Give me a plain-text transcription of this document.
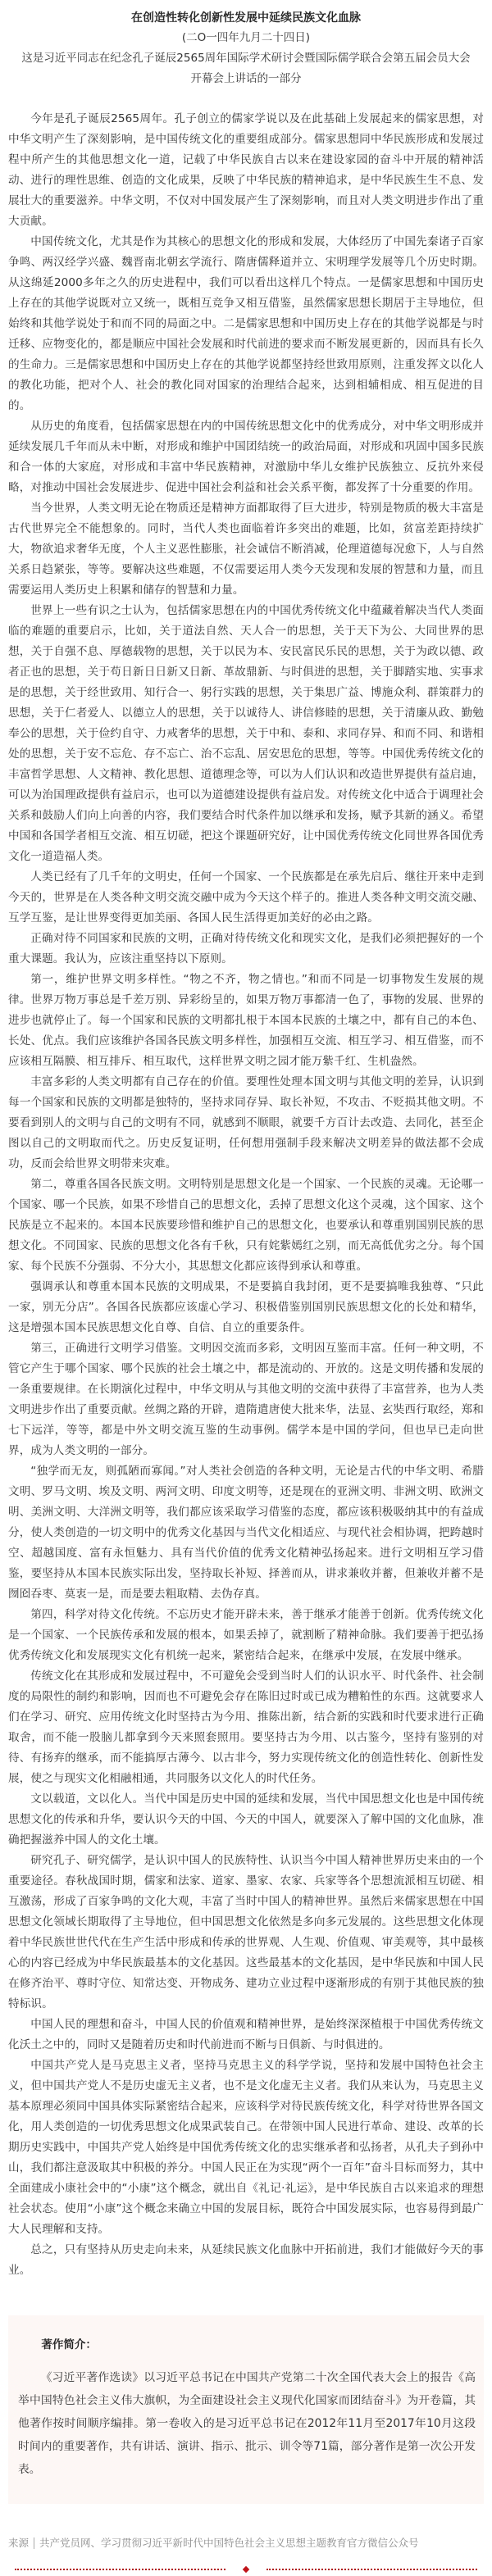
在创造性转化创新性发展中延续民族文化血脉

(二O一四年九月二十四日)

这是习近平同志在纪念孔子诞辰2565周年国际学术研讨会暨国际儒学联合会第五届会员大会

开幕会上讲话的一部分

今年是孔子诞辰2565周年。孔子创立的儒家学说以及在此基础上发展起来的儒家思想，对中华文明产生了深刻影响，是中国传统文化的重要组成部分。儒家思想同中华民族形成和发展过程中所产生的其他思想文化一道，记载了中华民族自古以来在建设家园的奋斗中开展的精神活动、进行的理性思维、创造的文化成果，反映了中华民族的精神追求，是中华民族生生不息、发展壮大的重要滋养。中华文明，不仅对中国发展产生了深刻影响，而且对人类文明进步作出了重大贡献。

中国传统文化，尤其是作为其核心的思想文化的形成和发展，大体经历了中国先秦诸子百家争鸣、两汉经学兴盛、魏晋南北朝玄学流行、隋唐儒释道并立、宋明理学发展等几个历史时期。从这绵延2000多年之久的历史进程中，我们可以看出这样几个特点。一是儒家思想和中国历史上存在的其他学说既对立又统一，既相互竞争又相互借鉴，虽然儒家思想长期居于主导地位，但始终和其他学说处于和而不同的局面之中。二是儒家思想和中国历史上存在的其他学说都是与时迁移、应物变化的，都是顺应中国社会发展和时代前进的要求而不断发展更新的，因而具有长久的生命力。三是儒家思想和中国历史上存在的其他学说都坚持经世致用原则，注重发挥文以化人的教化功能，把对个人、社会的教化同对国家的治理结合起来，达到相辅相成、相互促进的目的。

从历史的角度看，包括儒家思想在内的中国传统思想文化中的优秀成分，对中华文明形成并延续发展几千年而从未中断，对形成和维护中国团结统一的政治局面，对形成和巩固中国多民族和合一体的大家庭，对形成和丰富中华民族精神，对激励中华儿女维护民族独立、反抗外来侵略，对推动中国社会发展进步、促进中国社会利益和社会关系平衡，都发挥了十分重要的作用。

当今世界，人类文明无论在物质还是精神方面都取得了巨大进步，特别是物质的极大丰富是古代世界完全不能想象的。同时，当代人类也面临着许多突出的难题，比如，贫富差距持续扩大，物欲追求奢华无度，个人主义恶性膨胀，社会诚信不断消减，伦理道德每况愈下，人与自然关系日趋紧张，等等。要解决这些难题，不仅需要运用人类今天发现和发展的智慧和力量，而且需要运用人类历史上积累和储存的智慧和力量。

世界上一些有识之士认为，包括儒家思想在内的中国优秀传统文化中蕴藏着解决当代人类面临的难题的重要启示，比如，关于道法自然、天人合一的思想，关于天下为公、大同世界的思想，关于自强不息、厚德载物的思想，关于以民为本、安民富民乐民的思想，关于为政以德、政者正也的思想，关于苟日新日日新又日新、革故鼎新、与时俱进的思想，关于脚踏实地、实事求是的思想，关于经世致用、知行合一、躬行实践的思想，关于集思广益、博施众利、群策群力的思想，关于仁者爱人、以德立人的思想，关于以诚待人、讲信修睦的思想，关于清廉从政、勤勉奉公的思想，关于俭约自守、力戒奢华的思想，关于中和、泰和、求同存异、和而不同、和谐相处的思想，关于安不忘危、存不忘亡、治不忘乱、居安思危的思想，等等。中国优秀传统文化的丰富哲学思想、人文精神、教化思想、道德理念等，可以为人们认识和改造世界提供有益启迪，可以为治国理政提供有益启示，也可以为道德建设提供有益启发。对传统文化中适合于调理社会关系和鼓励人们向上向善的内容，我们要结合时代条件加以继承和发扬，赋予其新的涵义。希望中国和各国学者相互交流、相互切磋，把这个课题研究好，让中国优秀传统文化同世界各国优秀文化一道造福人类。

人类已经有了几千年的文明史，任何一个国家、一个民族都是在承先启后、继往开来中走到今天的，世界是在人类各种文明交流交融中成为今天这个样子的。推进人类各种文明交流交融、互学互鉴，是让世界变得更加美丽、各国人民生活得更加美好的必由之路。

正确对待不同国家和民族的文明，正确对待传统文化和现实文化，是我们必须把握好的一个重大课题。我认为，应该注重坚持以下原则。

第一，维护世界文明多样性。“物之不齐，物之情也。”和而不同是一切事物发生发展的规律。世界万物万事总是千差万别、异彩纷呈的，如果万物万事都清一色了，事物的发展、世界的进步也就停止了。每一个国家和民族的文明都扎根于本国本民族的土壤之中，都有自己的本色、长处、优点。我们应该维护各国各民族文明多样性，加强相互交流、相互学习、相互借鉴，而不应该相互隔膜、相互排斥、相互取代，这样世界文明之园才能万紫千红、生机盎然。

丰富多彩的人类文明都有自己存在的价值。要理性处理本国文明与其他文明的差异，认识到每一个国家和民族的文明都是独特的，坚持求同存异、取长补短，不攻击、不贬损其他文明。不要看到别人的文明与自己的文明有不同，就感到不顺眼，就要千方百计去改造、去同化，甚至企图以自己的文明取而代之。历史反复证明，任何想用强制手段来解决文明差异的做法都不会成功，反而会给世界文明带来灾难。

第二，尊重各国各民族文明。文明特别是思想文化是一个国家、一个民族的灵魂。无论哪一个国家、哪一个民族，如果不珍惜自己的思想文化，丢掉了思想文化这个灵魂，这个国家、这个民族是立不起来的。本国本民族要珍惜和维护自己的思想文化，也要承认和尊重别国别民族的思想文化。不同国家、民族的思想文化各有千秋，只有姹紫嫣红之别，而无高低优劣之分。每个国家、每个民族不分强弱、不分大小，其思想文化都应该得到承认和尊重。

强调承认和尊重本国本民族的文明成果，不是要搞自我封闭，更不是要搞唯我独尊、“只此一家，别无分店”。各国各民族都应该虚心学习、积极借鉴别国别民族思想文化的长处和精华，这是增强本国本民族思想文化自尊、自信、自立的重要条件。

第三，正确进行文明学习借鉴。文明因交流而多彩，文明因互鉴而丰富。任何一种文明，不管它产生于哪个国家、哪个民族的社会土壤之中，都是流动的、开放的。这是文明传播和发展的一条重要规律。在长期演化过程中，中华文明从与其他文明的交流中获得了丰富营养，也为人类文明进步作出了重要贡献。丝绸之路的开辟，遣隋遣唐使大批来华，法显、玄奘西行取经，郑和七下远洋，等等，都是中外文明交流互鉴的生动事例。儒学本是中国的学问，但也早已走向世界，成为人类文明的一部分。

“独学而无友，则孤陋而寡闻。”对人类社会创造的各种文明，无论是古代的中华文明、希腊文明、罗马文明、埃及文明、两河文明、印度文明等，还是现在的亚洲文明、非洲文明、欧洲文明、美洲文明、大洋洲文明等，我们都应该采取学习借鉴的态度，都应该积极吸纳其中的有益成分，使人类创造的一切文明中的优秀文化基因与当代文化相适应、与现代社会相协调，把跨越时空、超越国度、富有永恒魅力、具有当代价值的优秀文化精神弘扬起来。进行文明相互学习借鉴，要坚持从本国本民族实际出发，坚持取长补短、择善而从，讲求兼收并蓄，但兼收并蓄不是囫囵吞枣、莫衷一是，而是要去粗取精、去伪存真。

第四，科学对待文化传统。不忘历史才能开辟未来，善于继承才能善于创新。优秀传统文化是一个国家、一个民族传承和发展的根本，如果丢掉了，就割断了精神命脉。我们要善于把弘扬优秀传统文化和发展现实文化有机统一起来，紧密结合起来，在继承中发展，在发展中继承。

传统文化在其形成和发展过程中，不可避免会受到当时人们的认识水平、时代条件、社会制度的局限性的制约和影响，因而也不可避免会存在陈旧过时或已成为糟粕性的东西。这就要求人们在学习、研究、应用传统文化时坚持古为今用、推陈出新，结合新的实践和时代要求进行正确取舍，而不能一股脑儿都拿到今天来照套照用。要坚持古为今用、以古鉴今，坚持有鉴别的对待、有扬弃的继承，而不能搞厚古薄今、以古非今，努力实现传统文化的创造性转化、创新性发展，使之与现实文化相融相通，共同服务以文化人的时代任务。

文以载道，文以化人。当代中国是历史中国的延续和发展，当代中国思想文化也是中国传统思想文化的传承和升华，要认识今天的中国、今天的中国人，就要深入了解中国的文化血脉，准确把握滋养中国人的文化土壤。

研究孔子、研究儒学，是认识中国人的民族特性、认识当今中国人精神世界历史来由的一个重要途径。春秋战国时期，儒家和法家、道家、墨家、农家、兵家等各个思想流派相互切磋、相互激荡，形成了百家争鸣的文化大观，丰富了当时中国人的精神世界。虽然后来儒家思想在中国思想文化领域长期取得了主导地位，但中国思想文化依然是多向多元发展的。这些思想文化体现着中华民族世世代代在生产生活中形成和传承的世界观、人生观、价值观、审美观等，其中最核心的内容已经成为中华民族最基本的文化基因。这些最基本的文化基因，是中华民族和中国人民在修齐治平、尊时守位、知常达变、开物成务、建功立业过程中逐渐形成的有别于其他民族的独特标识。

中国人民的理想和奋斗，中国人民的价值观和精神世界，是始终深深植根于中国优秀传统文化沃土之中的，同时又是随着历史和时代前进而不断与日俱新、与时俱进的。

中国共产党人是马克思主义者，坚持马克思主义的科学学说，坚持和发展中国特色社会主义，但中国共产党人不是历史虚无主义者，也不是文化虚无主义者。我们从来认为，马克思主义基本原理必须同中国具体实际紧密结合起来，应该科学对待民族传统文化，科学对待世界各国文化，用人类创造的一切优秀思想文化成果武装自己。在带领中国人民进行革命、建设、改革的长期历史实践中，中国共产党人始终是中国优秀传统文化的忠实继承者和弘扬者，从孔夫子到孙中山，我们都注意汲取其中积极的养分。中国人民正在为实现“两个一百年”奋斗目标而努力，其中全面建成小康社会中的“小康”这个概念，就出自《礼记·礼运》，是中华民族自古以来追求的理想社会状态。使用“小康”这个概念来确立中国的发展目标，既符合中国发展实际，也容易得到最广大人民理解和支持。

总之，只有坚持从历史走向未来，从延续民族文化血脉中开拓前进，我们才能做好今天的事业。

著作简介：

《习近平著作选读》以习近平总书记在中国共产党第二十次全国代表大会上的报告《高举中国特色社会主义伟大旗帜，为全面建设社会主义现代化国家而团结奋斗》为开卷篇，其他著作按时间顺序编排。第一卷收入的是习近平总书记在2012年11月至2017年10月这段时间内的重要著作，共有讲话、演讲、指示、批示、训令等71篇，部分著作是第一次公开发表。

来源 共产党员网、学习贯彻习近平新时代中国特色社会主义思想主题教育官方微信公众号
